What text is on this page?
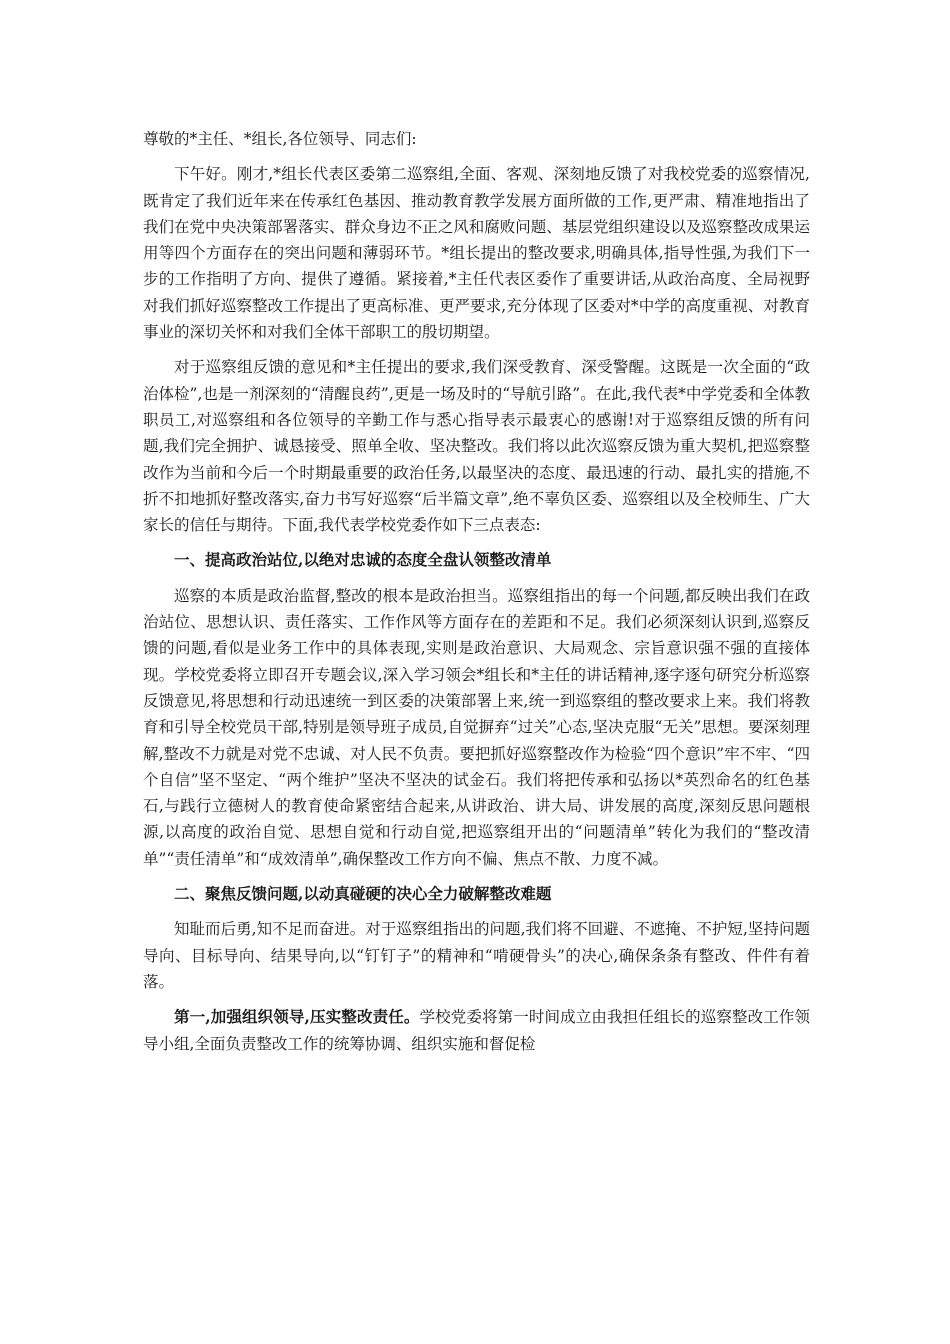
尊敬的*主任、*组长,各位领导、同志们:

下午好。刚才,*组长代表区委第二巡察组,全面、客观、深刻地反馈了对我校党委的巡察情况,既肯定了我们近年来在传承红色基因、推动教育教学发展方面所做的工作,更严肃、精准地指出了我们在党中央决策部署落实、群众身边不正之风和腐败问题、基层党组织建设以及巡察整改成果运用等四个方面存在的突出问题和薄弱环节。*组长提出的整改要求,明确具体,指导性强,为我们下一步的工作指明了方向、提供了遵循。紧接着,*主任代表区委作了重要讲话,从政治高度、全局视野对我们抓好巡察整改工作提出了更高标准、更严要求,充分体现了区委对*中学的高度重视、对教育事业的深切关怀和对我们全体干部职工的殷切期望。

对于巡察组反馈的意见和*主任提出的要求,我们深受教育、深受警醒。这既是一次全面的“政治体检”,也是一剂深刻的“清醒良药”,更是一场及时的“导航引路”。在此,我代表*中学党委和全体教职员工,对巡察组和各位领导的辛勤工作与悉心指导表示最衷心的感谢!对于巡察组反馈的所有问题,我们完全拥护、诚恳接受、照单全收、坚决整改。我们将以此次巡察反馈为重大契机,把巡察整改作为当前和今后一个时期最重要的政治任务,以最坚决的态度、最迅速的行动、最扎实的措施,不折不扣地抓好整改落实,奋力书写好巡察“后半篇文章”,绝不辜负区委、巡察组以及全校师生、广大家长的信任与期待。下面,我代表学校党委作如下三点表态:

一、提高政治站位,以绝对忠诚的态度全盘认领整改清单

巡察的本质是政治监督,整改的根本是政治担当。巡察组指出的每一个问题,都反映出我们在政治站位、思想认识、责任落实、工作作风等方面存在的差距和不足。我们必须深刻认识到,巡察反馈的问题,看似是业务工作中的具体表现,实则是政治意识、大局观念、宗旨意识强不强的直接体现。学校党委将立即召开专题会议,深入学习领会*组长和*主任的讲话精神,逐字逐句研究分析巡察反馈意见,将思想和行动迅速统一到区委的决策部署上来,统一到巡察组的整改要求上来。我们将教育和引导全校党员干部,特别是领导班子成员,自觉摒弃“过关”心态,坚决克服“无关”思想。要深刻理解,整改不力就是对党不忠诚、对人民不负责。要把抓好巡察整改作为检验“四个意识”牢不牢、“四个自信”坚不坚定、“两个维护”坚决不坚决的试金石。我们将把传承和弘扬以*英烈命名的红色基石,与践行立德树人的教育使命紧密结合起来,从讲政治、讲大局、讲发展的高度,深刻反思问题根源,以高度的政治自觉、思想自觉和行动自觉,把巡察组开出的“问题清单”转化为我们的“整改清单”“责任清单”和“成效清单”,确保整改工作方向不偏、焦点不散、力度不减。

二、聚焦反馈问题,以动真碰硬的决心全力破解整改难题

知耻而后勇,知不足而奋进。对于巡察组指出的问题,我们将不回避、不遮掩、不护短,坚持问题导向、目标导向、结果导向,以“钉钉子”的精神和“啃硬骨头”的决心,确保条条有整改、件件有着落。

第一,加强组织领导,压实整改责任。学校党委将第一时间成立由我担任组长的巡察整改工作领导小组,全面负责整改工作的统筹协调、组织实施和督促检
